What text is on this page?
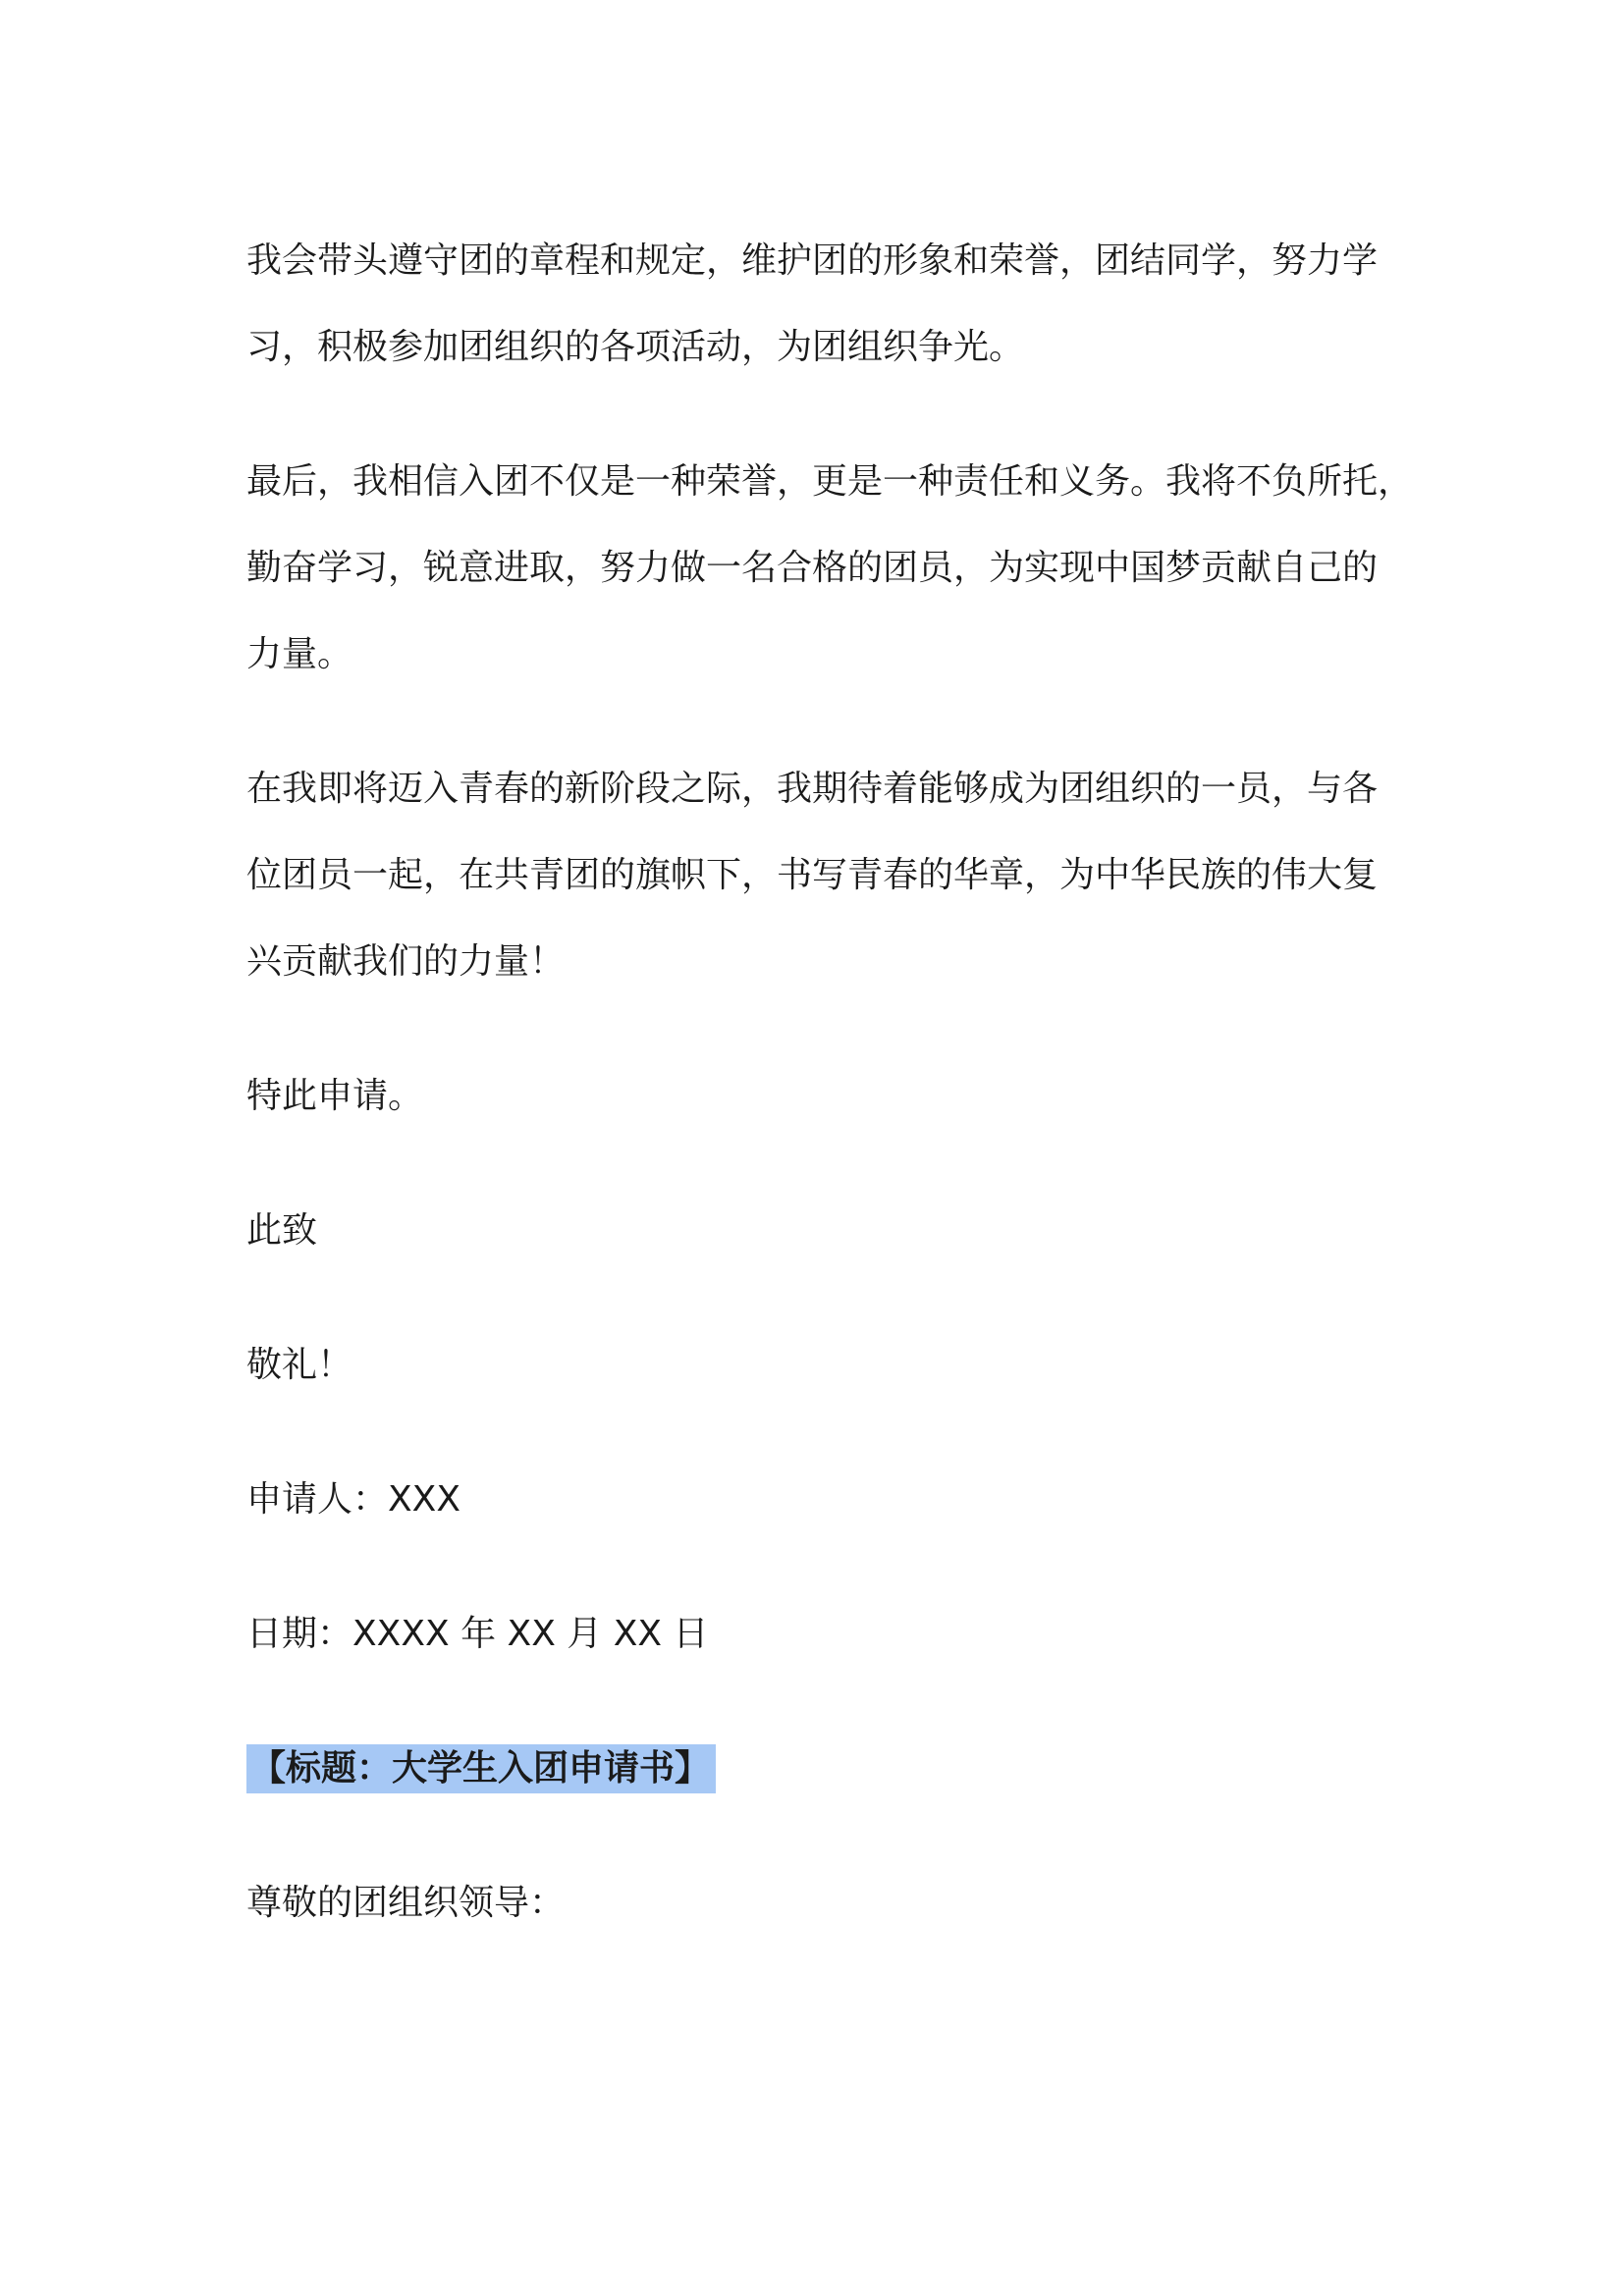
我会带头遵守团的章程和规定，维护团的形象和荣誉，团结同学，努力学
习，积极参加团组织的各项活动，为团组织争光。
最后，我相信入团不仅是一种荣誉，更是一种责任和义务。我将不负所托，
勤奋学习，锐意进取，努力做一名合格的团员，为实现中国梦贡献自己的
力量。
在我即将迈入青春的新阶段之际，我期待着能够成为团组织的一员，与各
位团员一起，在共青团的旗帜下，书写青春的华章，为中华民族的伟大复
兴贡献我们的力量！
特此申请。
此致
敬礼！
申请人：XXX
日期：XXXX 年 XX 月 XX 日
【标题：大学生入团申请书】
尊敬的团组织领导：
